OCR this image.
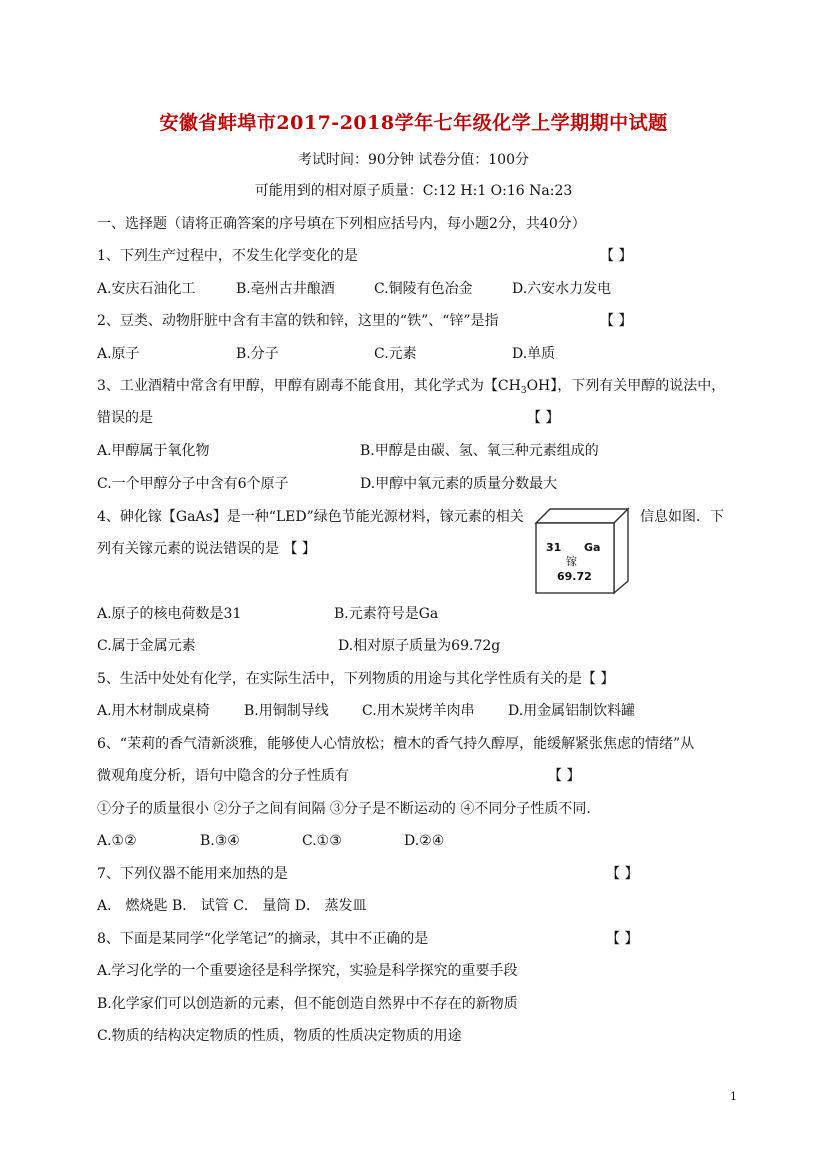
安徽省蚌埠市2017-2018学年七年级化学上学期期中试题
考试时间：90分钟 试卷分值：100分
可能用到的相对原子质量：C:12 H:1 O:16 Na:23
一、选择题（请将正确答案的序号填在下列相应括号内，每小题2分，共40分）
1、下列生产过程中，不发生化学变化的是	【 】
A.安庆石油化工	B.亳州古井酿酒	C.铜陵有色冶金	D.六安水力发电
2、豆类、动物肝脏中含有丰富的铁和锌，这里的“铁”、“锌”是指	【 】
A.原子	B.分子	C.元素	D.单质
3、工业酒精中常含有甲醇，甲醇有剧毒不能食用，其化学式为【$CH_3OH$】，下列有关甲醇的说法中，
错误的是	【 】
A.甲醇属于氧化物	B.甲醇是由碳、氢、氧三种元素组成的
C.一个甲醇分子中含有6个原子	D.甲醇中氧元素的质量分数最大
4、砷化镓【GaAs】是一种“LED”绿色节能光源材料，镓元素的相关	信息如图．下
列有关镓元素的说法错误的是 【 】	31 Ga
镓
69.72
A.原子的核电荷数是31	B.元素符号是Ga
C.属于金属元素	D.相对原子质量为69.72g
5、生活中处处有化学，在实际生活中，下列物质的用途与其化学性质有关的是【 】
A.用木材制成桌椅 B.用铜制导线 C.用木炭烤羊肉串 D.用金属铝制饮料罐
6、“茉莉的香气清新淡雅，能够使人心情放松；檀木的香气持久醇厚，能缓解紧张焦虑的情绪”从
微观角度分析，语句中隐含的分子性质有	【 】
①分子的质量很小 ②分子之间有间隔 ③分子是不断运动的 ④不同分子性质不同.
A.①②	B.③④	C.①③	D.②④
7、下列仪器不能用来加热的是	【 】
A． 燃烧匙 B． 试管 C． 量筒 D． 蒸发皿
8、下面是某同学“化学笔记”的摘录，其中不正确的是	【 】
A.学习化学的一个重要途径是科学探究，实验是科学探究的重要手段
B.化学家们可以创造新的元素，但不能创造自然界中不存在的新物质
C.物质的结构决定物质的性质，物质的性质决定物质的用途
1
